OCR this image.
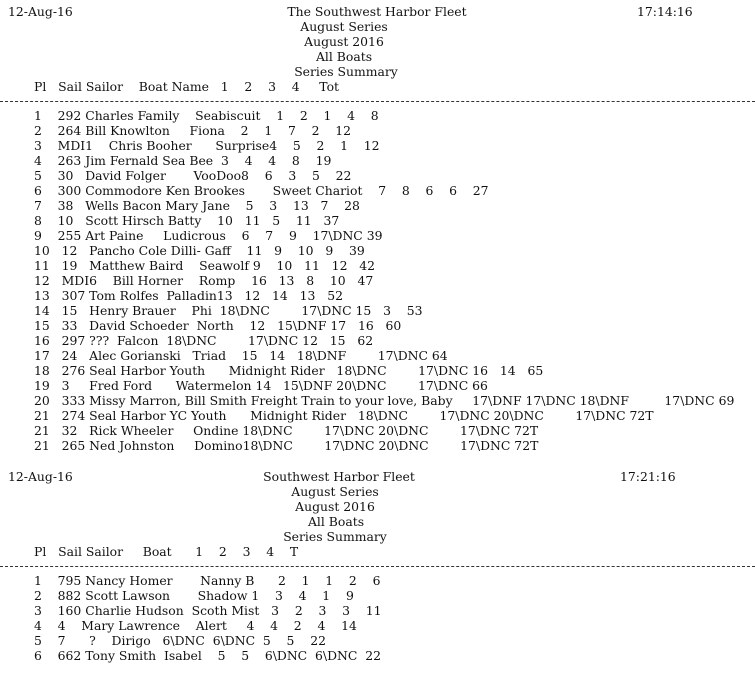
12-Aug-16	The Southwest Harbor Fleet	17:14:16
August Series
August 2016
All Boats
Series Summary
Pl   Sail Sailor    Boat Name   1    2    3    4     Tot
1    292 Charles Family    Seabiscuit    1    2    1    4    8
2    264 Bill Knowlton     Fiona    2    1    7    2    12
3    MDI1    Chris Booher      Surprise4    5    2    1    12
4    263 Jim Fernald Sea Bee  3    4    4    8    19
5    30   David Folger       VooDoo8    6    3    5    22
6    300 Commodore Ken Brookes       Sweet Chariot    7    8    6    6    27
7    38   Wells Bacon Mary Jane    5    3    13   7    28
8    10   Scott Hirsch Batty    10   11   5    11   37
9    255 Art Paine     Ludicrous    6    7    9    17\DNC 39
10   12   Pancho Cole Dilli- Gaff    11   9    10   9    39
11   19   Matthew Baird    Seawolf 9    10   11   12   42
12   MDI6    Bill Horner    Romp    16   13   8    10   47
13   307 Tom Rolfes  Palladin13   12   14   13   52
14   15   Henry Brauer    Phi  18\DNC        17\DNC 15   3    53
15   33   David Schoeder  North    12   15\DNF 17   16   60
16   297 ???  Falcon  18\DNC        17\DNC 12   15   62
17   24   Alec Gorianski   Triad    15   14   18\DNF        17\DNC 64
18   276 Seal Harbor Youth      Midnight Rider   18\DNC        17\DNC 16   14   65
19   3     Fred Ford      Watermelon 14   15\DNF 20\DNC        17\DNC 66
20   333 Missy Marron, Bill Smith Freight Train to your love, Baby     17\DNF 17\DNC 18\DNF         17\DNC 69
21   274 Seal Harbor YC Youth      Midnight Rider   18\DNC        17\DNC 20\DNC        17\DNC 72T
21   32   Rick Wheeler     Ondine 18\DNC        17\DNC 20\DNC        17\DNC 72T
21   265 Ned Johnston     Domino18\DNC        17\DNC 20\DNC        17\DNC 72T
12-Aug-16	Southwest Harbor Fleet	17:21:16
August Series
August 2016
All Boats
Series Summary
Pl   Sail Sailor     Boat      1    2    3    4    T
1    795 Nancy Homer       Nanny B      2    1    1    2    6
2    882 Scott Lawson       Shadow 1    3    4    1    9
3    160 Charlie Hudson  Scoth Mist   3    2    3    3    11
4    4    Mary Lawrence    Alert     4    4    2    4    14
5    7      ?    Dirigo   6\DNC  6\DNC  5    5    22
6    662 Tony Smith  Isabel    5    5    6\DNC  6\DNC  22
